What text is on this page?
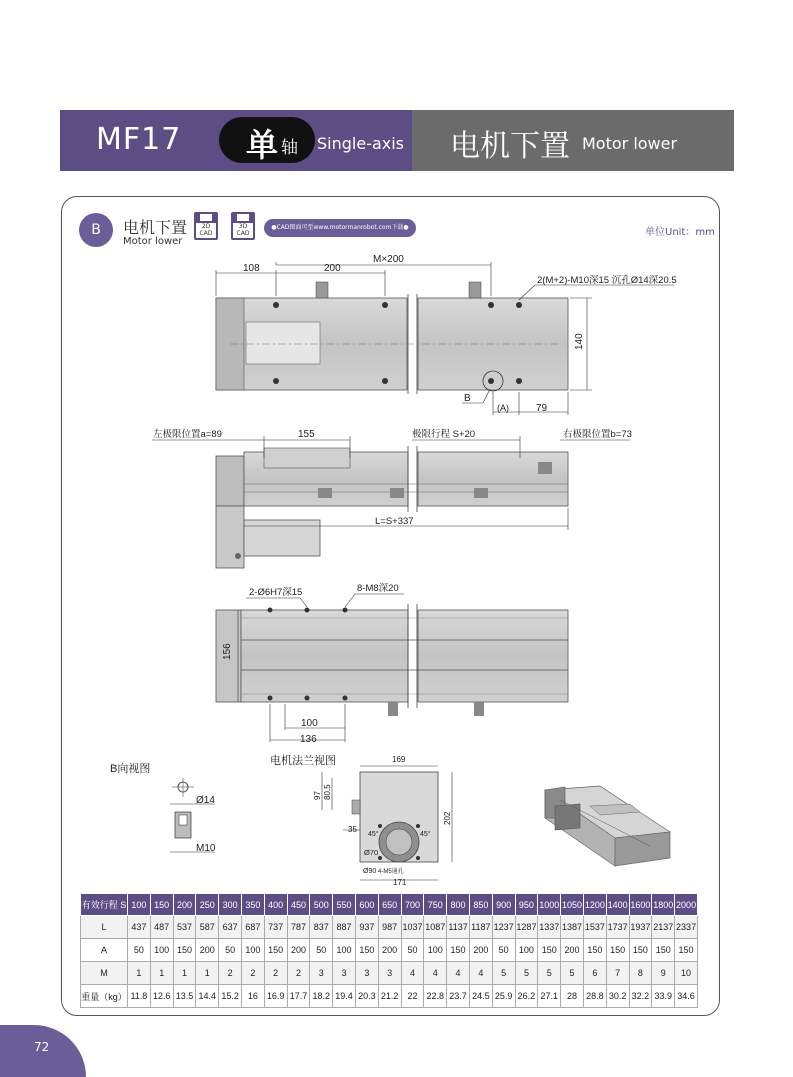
MF17 单 轴 Single-axis 电机下置 Motor lower
B	电机下置
Motor lower
2D
CAD
3D
CAD
●CAD图面可至www.motormanrobot.com下载●	单位Unit：mm
108	200
M×200
2(M+2)-M10深15 沉孔Ø14深20.5
140
B
(A)	79
左极限位置a=89	155	极限行程 S+20	右极限位置b=73
L=S+337
2-Ø6H7深15	8-M8深20
156
100
136
B向视图
Ø14
M10
电机法兰视图	169
97 80.5
35
202
45°	45°
Ø70
Ø90 4-M5通孔
171
有效行程 S	100	150	200	250	300	350	400	450	500	550	600	650	700	750	800	850	900	950	1000	1050	1200	1400	1600	1800	2000
L	437	487	537	587	637	687	737	787	837	887	937	987	1037	1087	1137	1187	1237	1287	1337	1387	1537	1737	1937	2137	2337
A	50	100	150	200	50	100	150	200	50	100	150	200	50	100	150	200	50	100	150	200	150	150	150	150	150
M	1	1	1	1	2	2	2	2	3	3	3	3	4	4	4	4	5	5	5	5	6	7	8	9	10
重量（kg）	11.8	12.6	13.5	14.4	15.2	16	16.9	17.7	18.2	19.4	20.3	21.2	22	22.8	23.7	24.5	25.9	26.2	27.1	28	28.8	30.2	32.2	33.9	34.6
72
